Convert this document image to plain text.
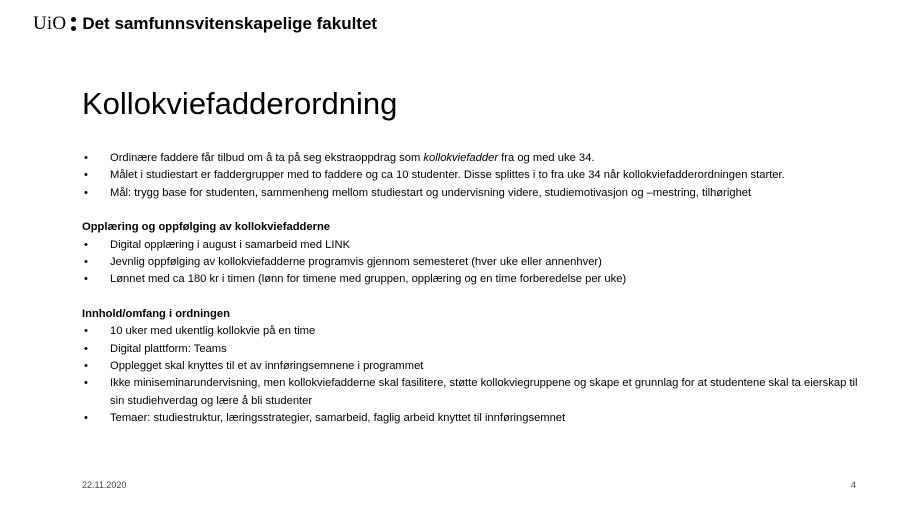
UiO Det samfunnsvitenskapelige fakultet
Kollokviefadderordning
• Ordinære faddere får tilbud om å ta på seg ekstraoppdrag som kollokviefadder fra og med uke 34.
• Målet i studiestart er faddergrupper med to faddere og ca 10 studenter. Disse splittes i to fra uke 34 når kollokviefadderordningen starter.
• Mål: trygg base for studenten, sammenheng mellom studiestart og undervisning videre, studiemotivasjon og –mestring, tilhørighet
Opplæring og oppfølging av kollokviefadderne
• Digital opplæring i august i samarbeid med LINK
• Jevnlig oppfølging av kollokviefadderne programvis gjennom semesteret (hver uke eller annenhver)
• Lønnet med ca 180 kr i timen (lønn for timene med gruppen, opplæring og en time forberedelse per uke)
Innhold/omfang i ordningen
• 10 uker med ukentlig kollokvie på en time
• Digital plattform: Teams
• Opplegget skal knyttes til et av innføringsemnene i programmet
• Ikke miniseminarundervisning, men kollokviefadderne skal fasilitere, støtte kollokviegruppene og skape et grunnlag for at studentene skal ta eierskap til sin studiehverdag og lære å bli studenter
• Temaer: studiestruktur, læringsstrategier, samarbeid, faglig arbeid knyttet til innføringsemnet
22.11.2020	4
